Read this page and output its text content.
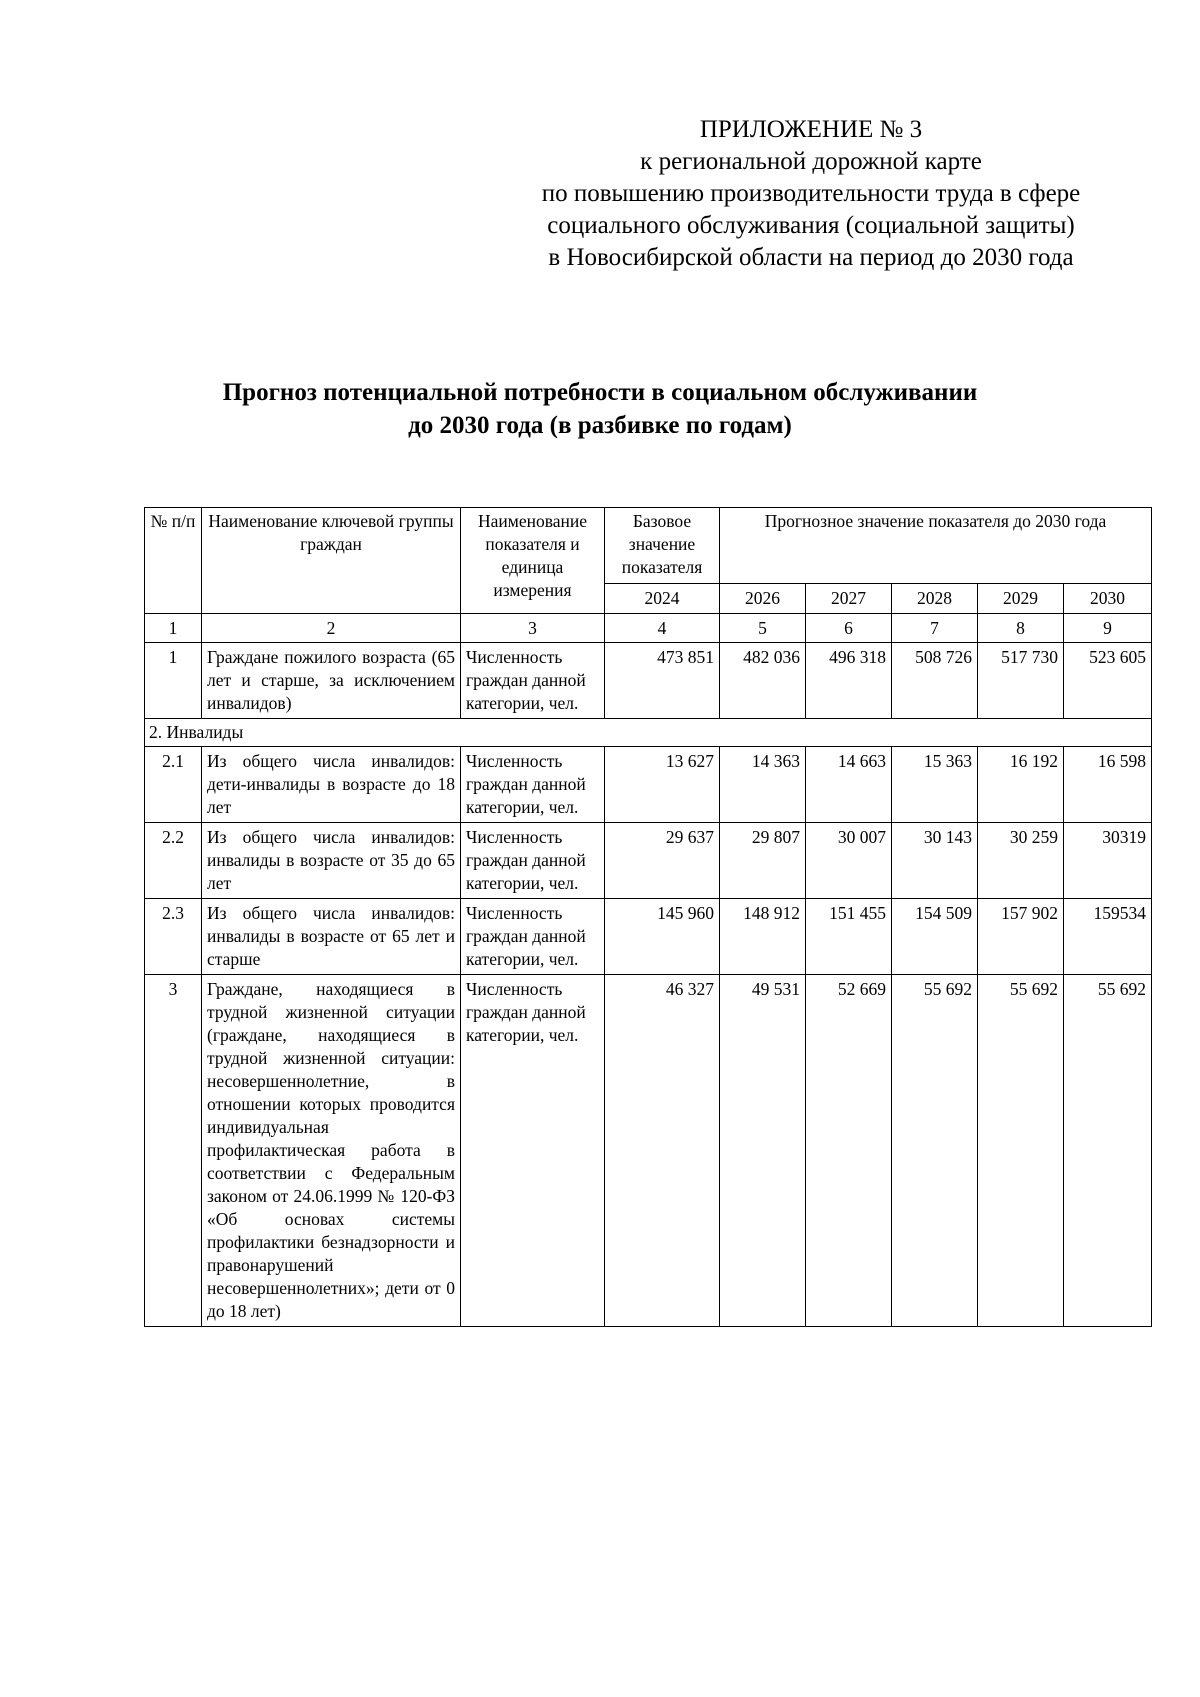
ПРИЛОЖЕНИЕ № 3
к региональной дорожной карте
по повышению производительности труда в сфере
социального обслуживания (социальной защиты)
в Новосибирской области на период до 2030 года
Прогноз потенциальной потребности в социальном обслуживании
до 2030 года (в разбивке по годам)
№ п/п	Наименование ключевой группы граждан	Наименование показателя и единица измерения	Базовое значение показателя	Прогнозное значение показателя до 2030 года				
			2024	2026	2027	2028	2029	2030
1	2	3	4	5	6	7	8	9
1	Граждане пожилого возраста (65 лет и старше, за исключением инвалидов)	Численность граждан данной категории, чел.	473 851	482 036	496 318	508 726	517 730	523 605
2. Инвалиды								
2.1	Из общего числа инвалидов: дети-инвалиды в возрасте до 18 лет	Численность граждан данной категории, чел.	13 627	14 363	14 663	15 363	16 192	16 598
2.2	Из общего числа инвалидов: инвалиды в возрасте от 35 до 65 лет	Численность граждан данной категории, чел.	29 637	29 807	30 007	30 143	30 259	30319
2.3	Из общего числа инвалидов: инвалиды в возрасте от 65 лет и старше	Численность граждан данной категории, чел.	145 960	148 912	151 455	154 509	157 902	159534
3	Граждане, находящиеся в трудной жизненной ситуации (граждане, находящиеся в трудной жизненной ситуации: несовершеннолетние, в отношении которых проводится индивидуальная профилактическая работа в соответствии с Федеральным законом от 24.06.1999 № 120-ФЗ «Об основах системы профилактики безнадзорности и правонарушений несовершеннолетних»; дети от 0 до 18 лет)	Численность граждан данной категории, чел.	46 327	49 531	52 669	55 692	55 692	55 692
